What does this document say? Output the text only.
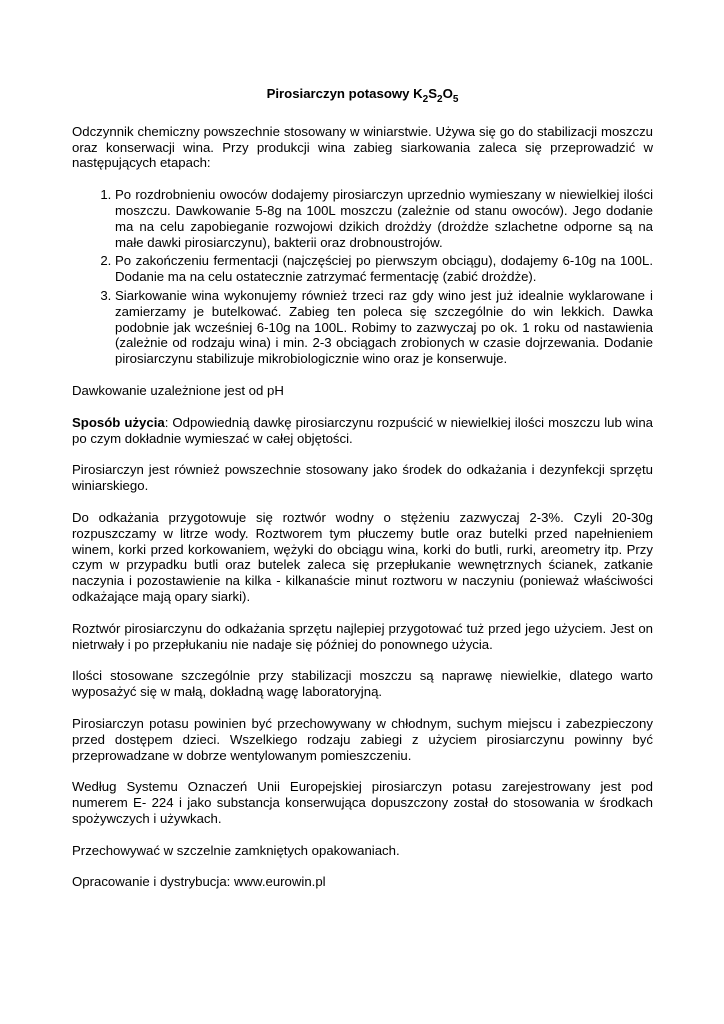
Pirosiarczyn potasowy $K_2S_2O_5$

Odczynnik chemiczny powszechnie stosowany w winiarstwie. Używa się go do stabilizacji moszczu oraz konserwacji wina. Przy produkcji wina zabieg siarkowania zaleca się przeprowadzić w następujących etapach:

1. Po rozdrobnieniu owoców dodajemy pirosiarczyn uprzednio wymieszany w niewielkiej ilości moszczu. Dawkowanie 5-8g na 100L moszczu (zależnie od stanu owoców). Jego dodanie ma na celu zapobieganie rozwojowi dzikich drożdży (drożdże szlachetne odporne są na małe dawki pirosiarczynu), bakterii oraz drobnoustrojów.
2. Po zakończeniu fermentacji (najczęściej po pierwszym obciągu), dodajemy 6-10g na 100L. Dodanie ma na celu ostatecznie zatrzymać fermentację (zabić drożdże).
3. Siarkowanie wina wykonujemy również trzeci raz gdy wino jest już idealnie wyklarowane i zamierzamy je butelkować. Zabieg ten poleca się szczególnie do win lekkich. Dawka podobnie jak wcześniej 6-10g na 100L. Robimy to zazwyczaj po ok. 1 roku od nastawienia (zależnie od rodzaju wina) i min. 2-3 obciągach zrobionych w czasie dojrzewania. Dodanie pirosiarczynu stabilizuje mikrobiologicznie wino oraz je konserwuje.

Dawkowanie uzależnione jest od pH

Sposób użycia: Odpowiednią dawkę pirosiarczynu rozpuścić w niewielkiej ilości moszczu lub wina po czym dokładnie wymieszać w całej objętości.

Pirosiarczyn jest również powszechnie stosowany jako środek do odkażania i dezynfekcji sprzętu winiarskiego.

Do odkażania przygotowuje się roztwór wodny o stężeniu zazwyczaj 2-3%. Czyli 20-30g rozpuszczamy w litrze wody. Roztworem tym płuczemy butle oraz butelki przed napełnieniem winem, korki przed korkowaniem, wężyki do obciągu wina, korki do butli, rurki, areometry itp. Przy czym w przypadku butli oraz butelek zaleca się przepłukanie wewnętrznych ścianek, zatkanie naczynia i pozostawienie na kilka - kilkanaście minut roztworu w naczyniu (ponieważ właściwości odkażające mają opary siarki).

Roztwór pirosiarczynu do odkażania sprzętu najlepiej przygotować tuż przed jego użyciem. Jest on nietrwały i po przepłukaniu nie nadaje się później do ponownego użycia.

Ilości stosowane szczególnie przy stabilizacji moszczu są naprawę niewielkie, dlatego warto wyposażyć się w małą, dokładną wagę laboratoryjną.

Pirosiarczyn potasu powinien być przechowywany w chłodnym, suchym miejscu i zabezpieczony przed dostępem dzieci. Wszelkiego rodzaju zabiegi z użyciem pirosiarczynu powinny być przeprowadzane w dobrze wentylowanym pomieszczeniu.

Według Systemu Oznaczeń Unii Europejskiej pirosiarczyn potasu zarejestrowany jest pod numerem E- 224 i jako substancja konserwująca dopuszczony został do stosowania w środkach spożywczych i używkach.

Przechowywać w szczelnie zamkniętych opakowaniach.

Opracowanie i dystrybucja: www.eurowin.pl
